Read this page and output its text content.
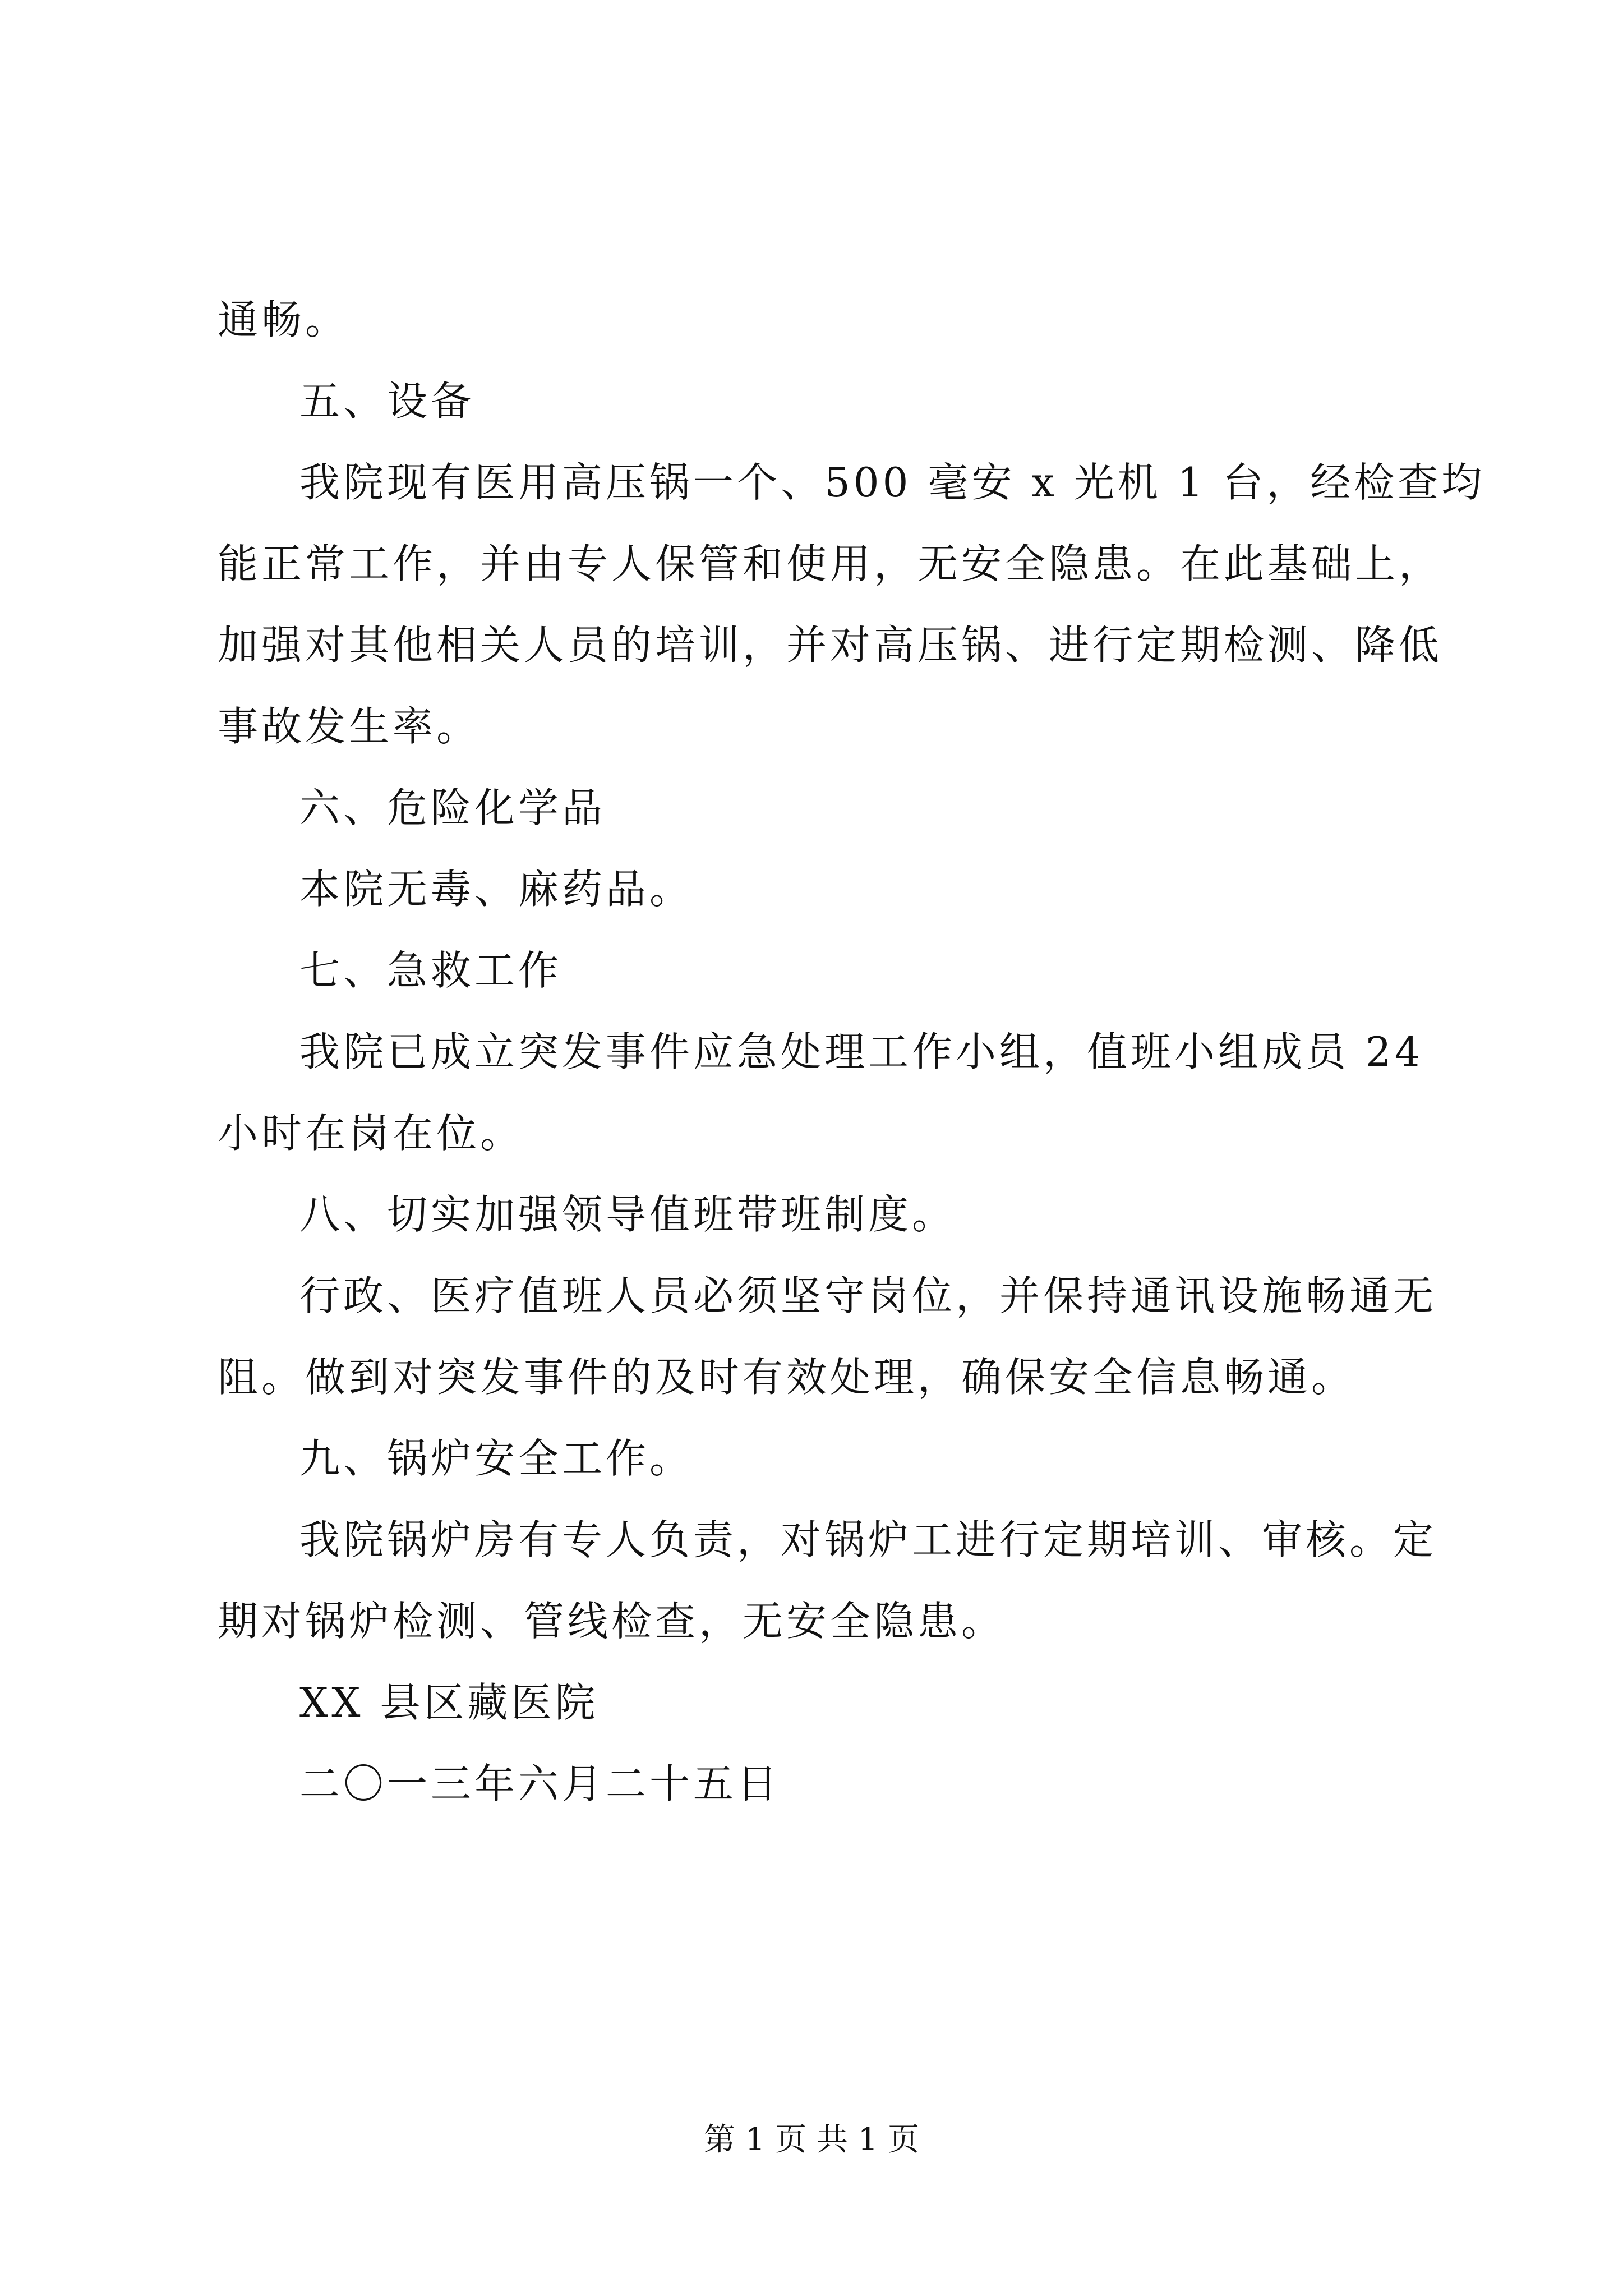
通畅。
五、设备
我院现有医用高压锅一个、500 毫安 x 光机 1 台，经检查均
能正常工作，并由专人保管和使用，无安全隐患。在此基础上，
加强对其他相关人员的培训，并对高压锅、进行定期检测、降低
事故发生率。
六、危险化学品
本院无毒、麻药品。
七、急救工作
我院已成立突发事件应急处理工作小组，值班小组成员 24
小时在岗在位。
八、切实加强领导值班带班制度。
行政、医疗值班人员必须坚守岗位，并保持通讯设施畅通无
阻。做到对突发事件的及时有效处理，确保安全信息畅通。
九、锅炉安全工作。
我院锅炉房有专人负责，对锅炉工进行定期培训、审核。定
期对锅炉检测、管线检查，无安全隐患。
XX 县区藏医院
二〇一三年六月二十五日
第 1 页 共 1 页
